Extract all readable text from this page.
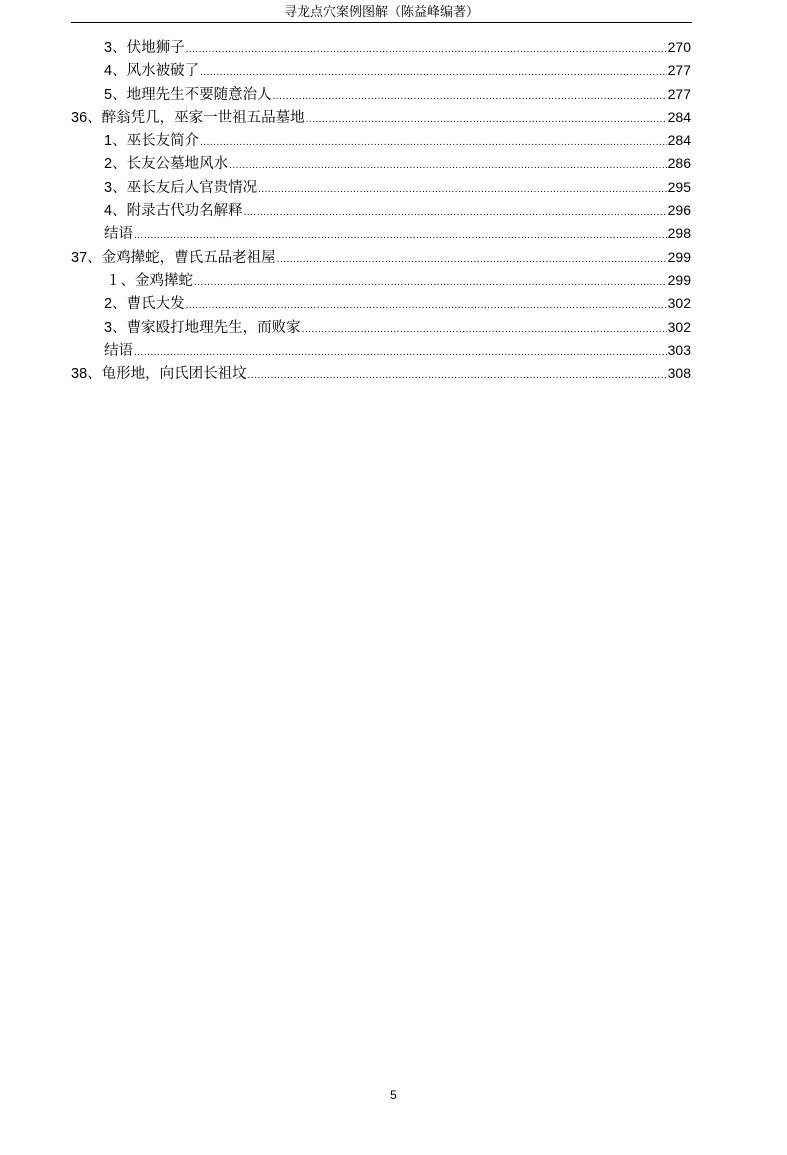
寻龙点穴案例图解（陈益峰编著）
3、 伏地狮子 .....	270
4、 风水被破了 .....	277
5、 地理先生不要随意治人 .....	277
36、 醉翁凭几，巫家一世祖五品墓地 .....	284
1、 巫长友简介 .....	284
2、 长友公墓地风水 .....	286
3、 巫长友后人官贵情况 .....	295
4、 附录古代功名解释 .....	296
结语 .....	298
37、 金鸡撵蛇，曹氏五品老祖屋 .....	299
１、 金鸡撵蛇 .....	299
2、 曹氏大发 .....	302
3、 曹家殴打地理先生，而败家 .....	302
结语 .....	303
38、 龟形地，向氏团长祖坟 .....	308
5
